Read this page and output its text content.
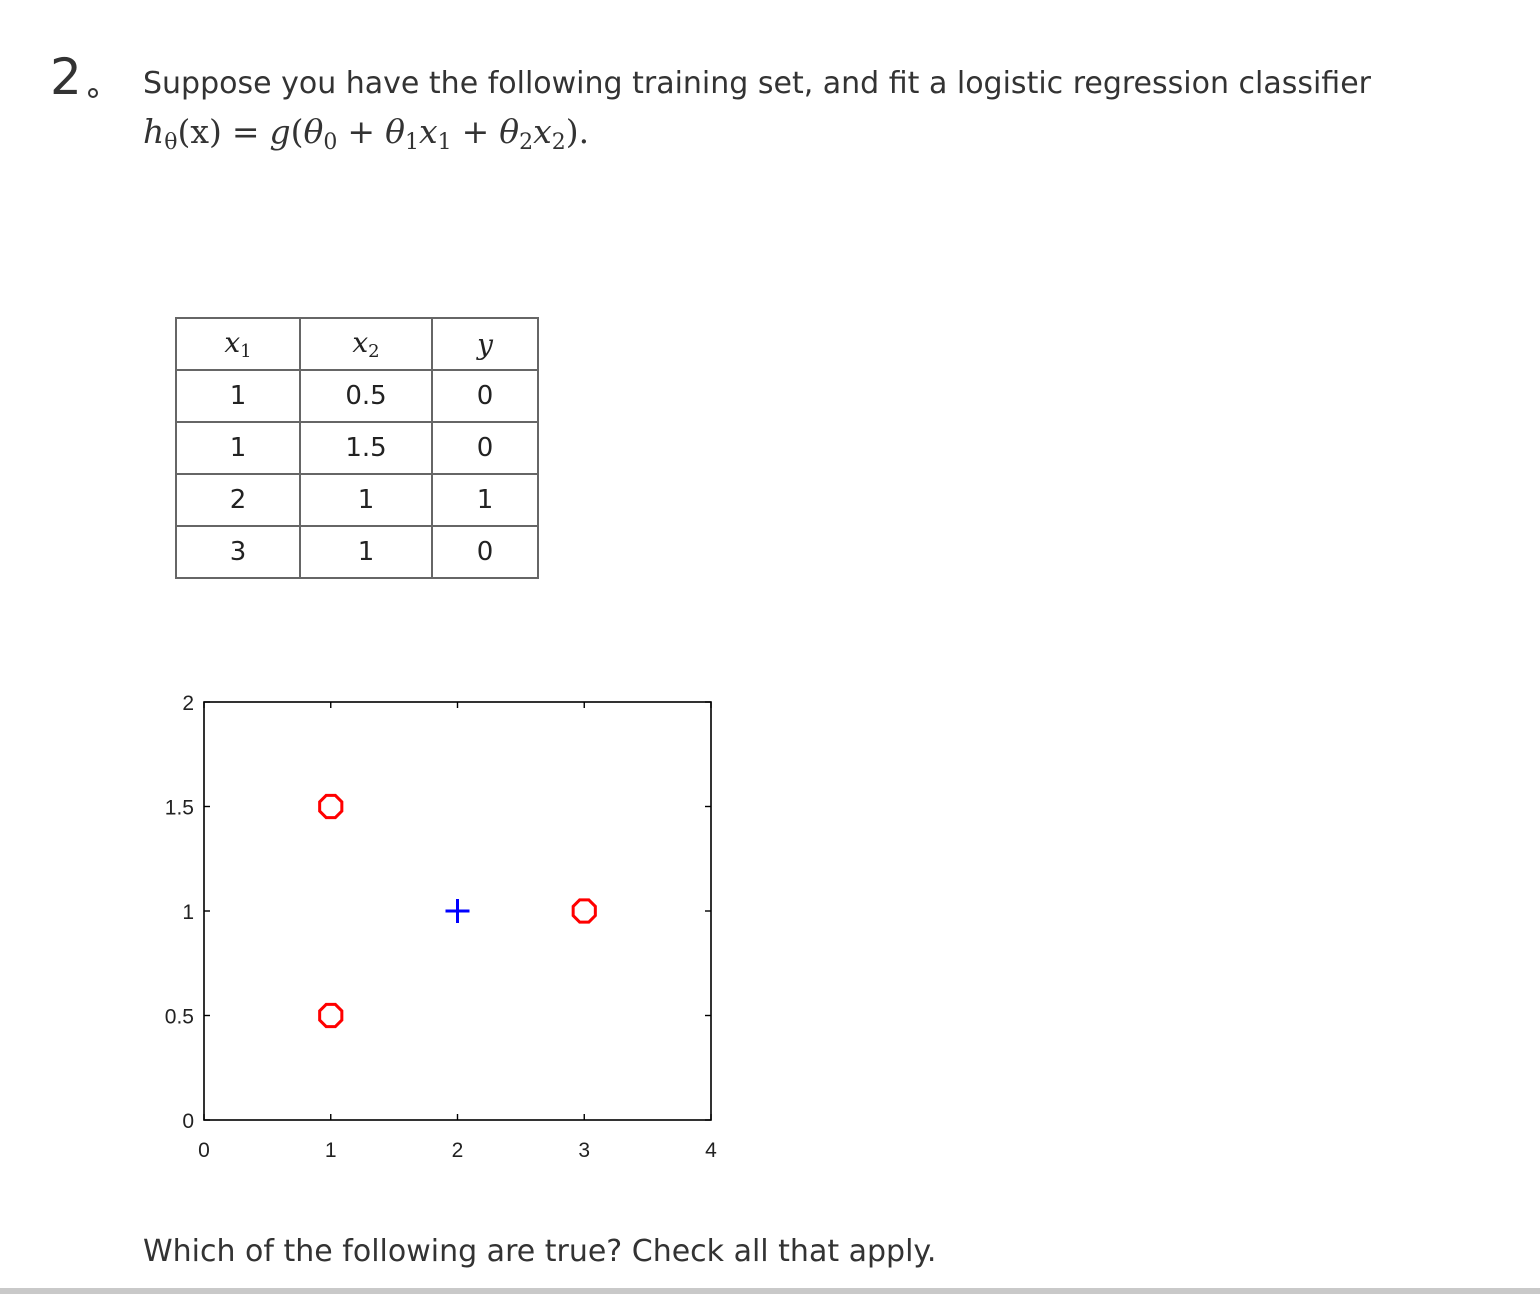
2 Suppose you have the following training set, and fit a logistic regression classifier
$h_\theta(x) = g(\theta_0 + \theta_1x_1 + \theta_2x_2)$.
$x_1$	$x_2$	y
1	0.5	0
1	1.5	0
2	1	1
3	1	0
0	1	2	3	4
0
0.5
1
1.5
2
Which of the following are true? Check all that apply.
